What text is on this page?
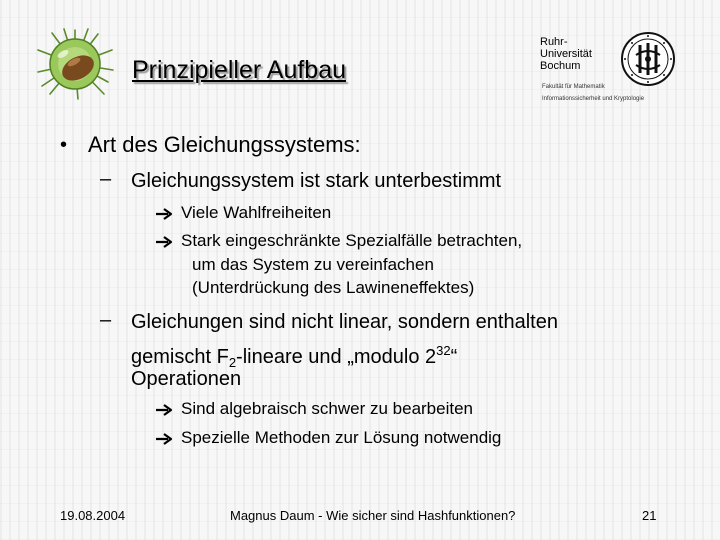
Prinzipieller Aufbau
Ruhr-
Universität
Bochum
Fakultät für Mathematik
Informationssicherheit und Kryptologie
• Art des Gleichungssystems:
– Gleichungssystem ist stark unterbestimmt
Viele Wahlfreiheiten
Stark eingeschränkte Spezialfälle betrachten,
um das System zu vereinfachen
(Unterdrückung des Lawineneffektes)
– Gleichungen sind nicht linear, sondern enthalten
gemischt $F_2$-lineare und „modulo $2^{32}“$
Operationen
Sind algebraisch schwer zu bearbeiten
Spezielle Methoden zur Lösung notwendig
19.08.2004	Magnus Daum - Wie sicher sind Hashfunktionen?	21
